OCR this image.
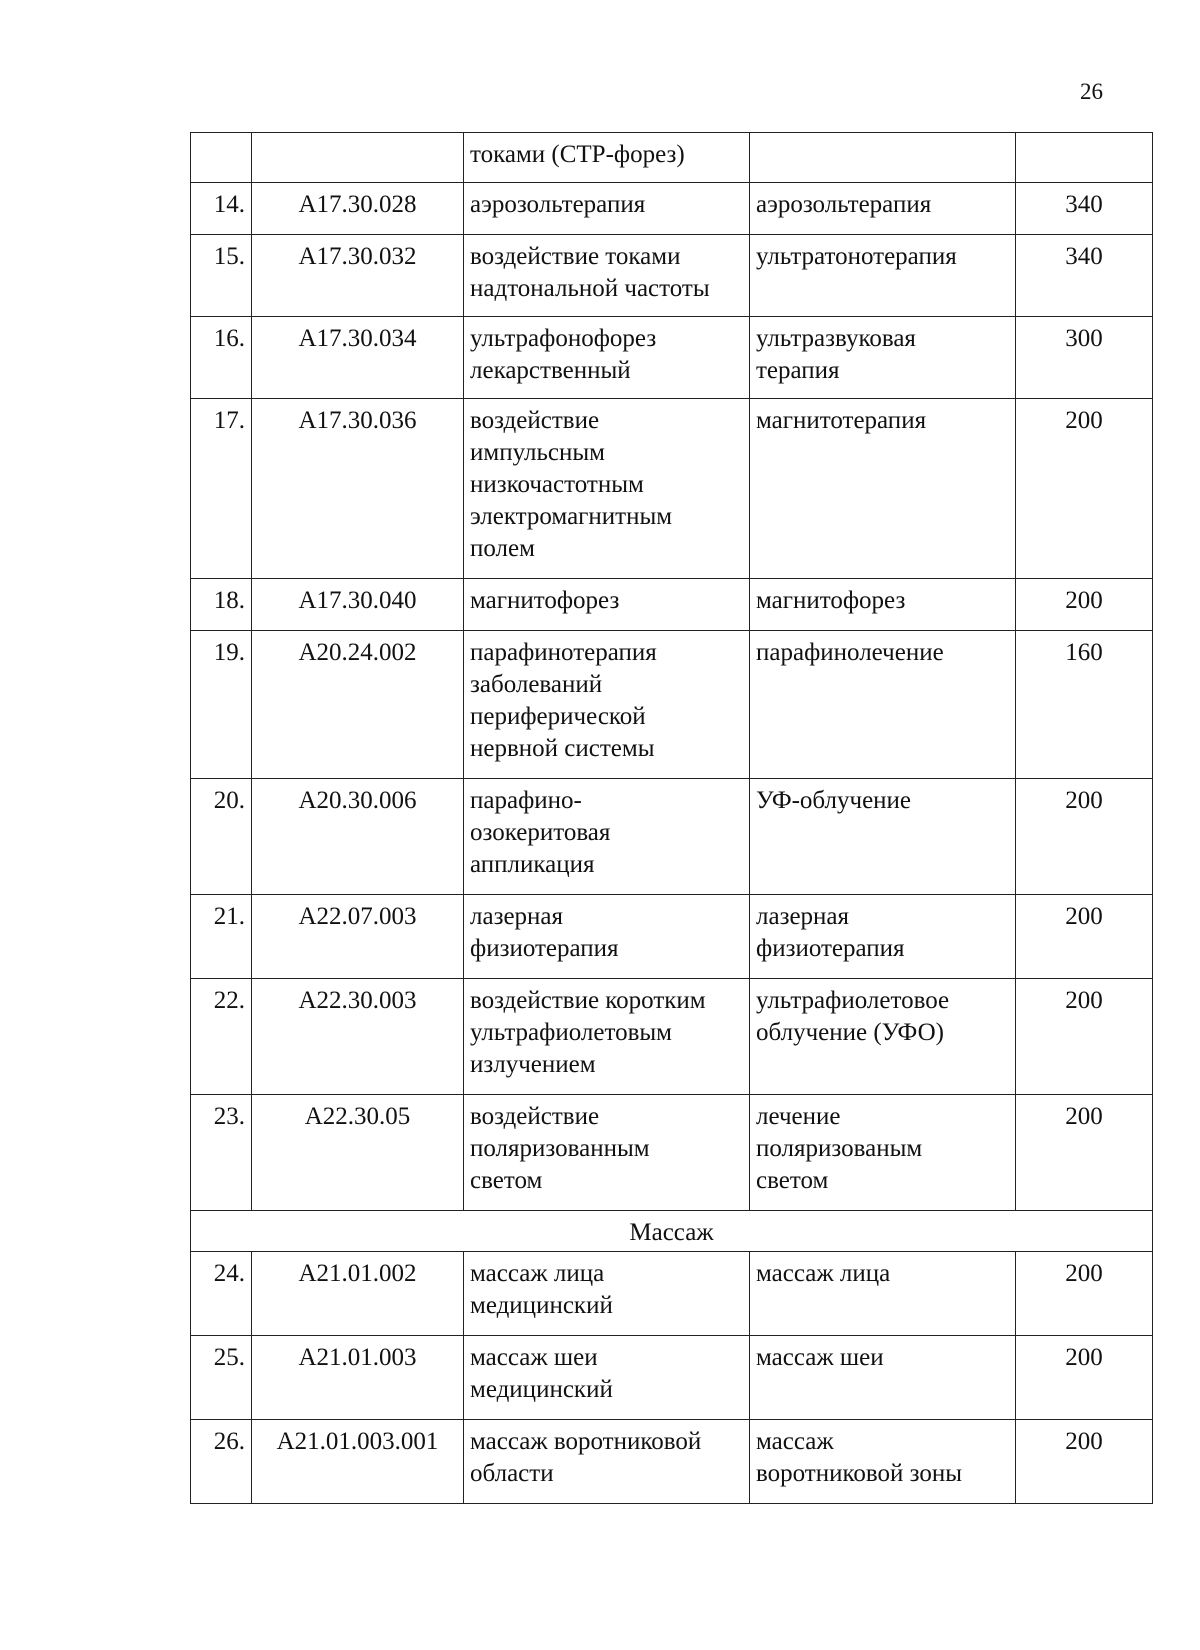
26
		токами (СТР-форез)		
14.	А17.30.028	аэрозольтерапия	аэрозольтерапия	340
15.	А17.30.032	воздействие токами
надтональной частоты	ультратонотерапия	340
16.	А17.30.034	ультрафонофорез
лекарственный	ультразвуковая
терапия	300
17.	А17.30.036	воздействие
импульсным
низкочастотным
электромагнитным
полем	магнитотерапия	200
18.	А17.30.040	магнитофорез	магнитофорез	200
19.	А20.24.002	парафинотерапия
заболеваний
периферической
нервной системы	парафинолечение	160
20.	А20.30.006	парафино-
озокеритовая
аппликация	УФ-облучение	200
21.	А22.07.003	лазерная
физиотерапия	лазерная
физиотерапия	200
22.	А22.30.003	воздействие коротким
ультрафиолетовым
излучением	ультрафиолетовое
облучение (УФО)	200
23.	А22.30.05	воздействие
поляризованным
светом	лечение
поляризованым
светом	200
Массаж				
24.	А21.01.002	массаж лица
медицинский	массаж лица	200
25.	А21.01.003	массаж шеи
медицинский	массаж шеи	200
26.	А21.01.003.001	массаж воротниковой
области	массаж
воротниковой зоны	200
